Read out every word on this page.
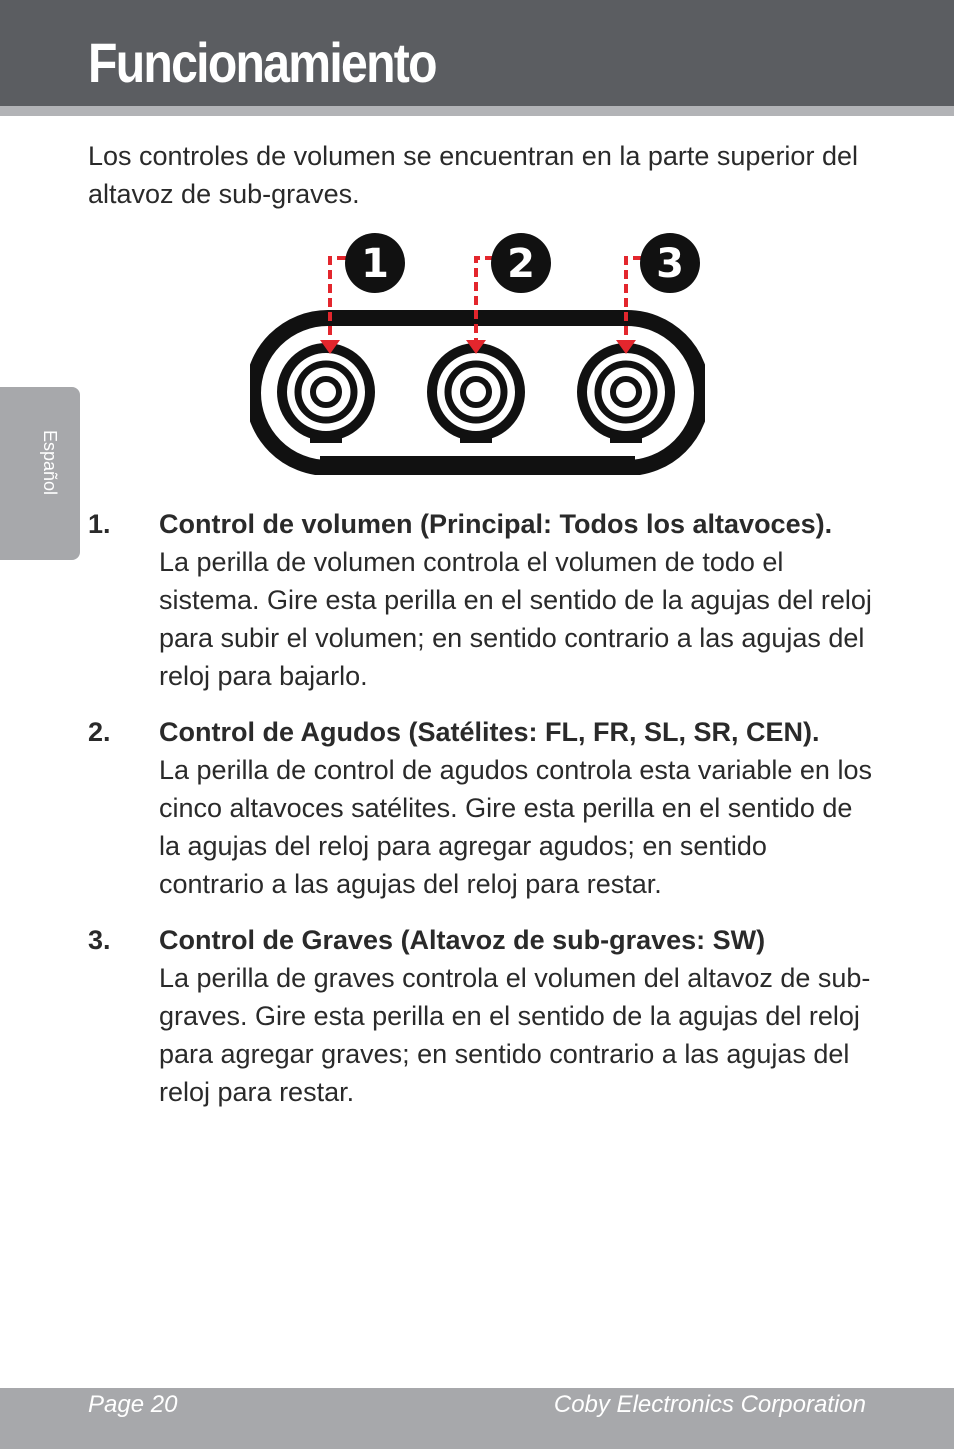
Funcionamiento
Español

Los controles de volumen se encuentran en la parte superior del altavoz de sub-graves.

1	2	3
1. Control de volumen (Principal: Todos los altavoces).

La perilla de volumen controla el volumen de todo el sistema. Gire esta perilla en el sentido de la agujas del reloj para subir el volumen; en sentido contrario a las agujas del reloj para bajarlo.

2. Control de Agudos (Satélites: FL, FR, SL, SR, CEN).

La perilla de control de agudos controla esta variable en los cinco altavoces satélites. Gire esta perilla en el sentido de la agujas del reloj para agregar agudos; en sentido contrario a las agujas del reloj para restar.

3. Control de Graves (Altavoz de sub-graves: SW)

La perilla de graves controla el volumen del altavoz de sub-graves. Gire esta perilla en el sentido de la agujas del reloj para agregar graves; en sentido contrario a las agujas del reloj para restar.

Page 20	Coby Electronics Corporation
